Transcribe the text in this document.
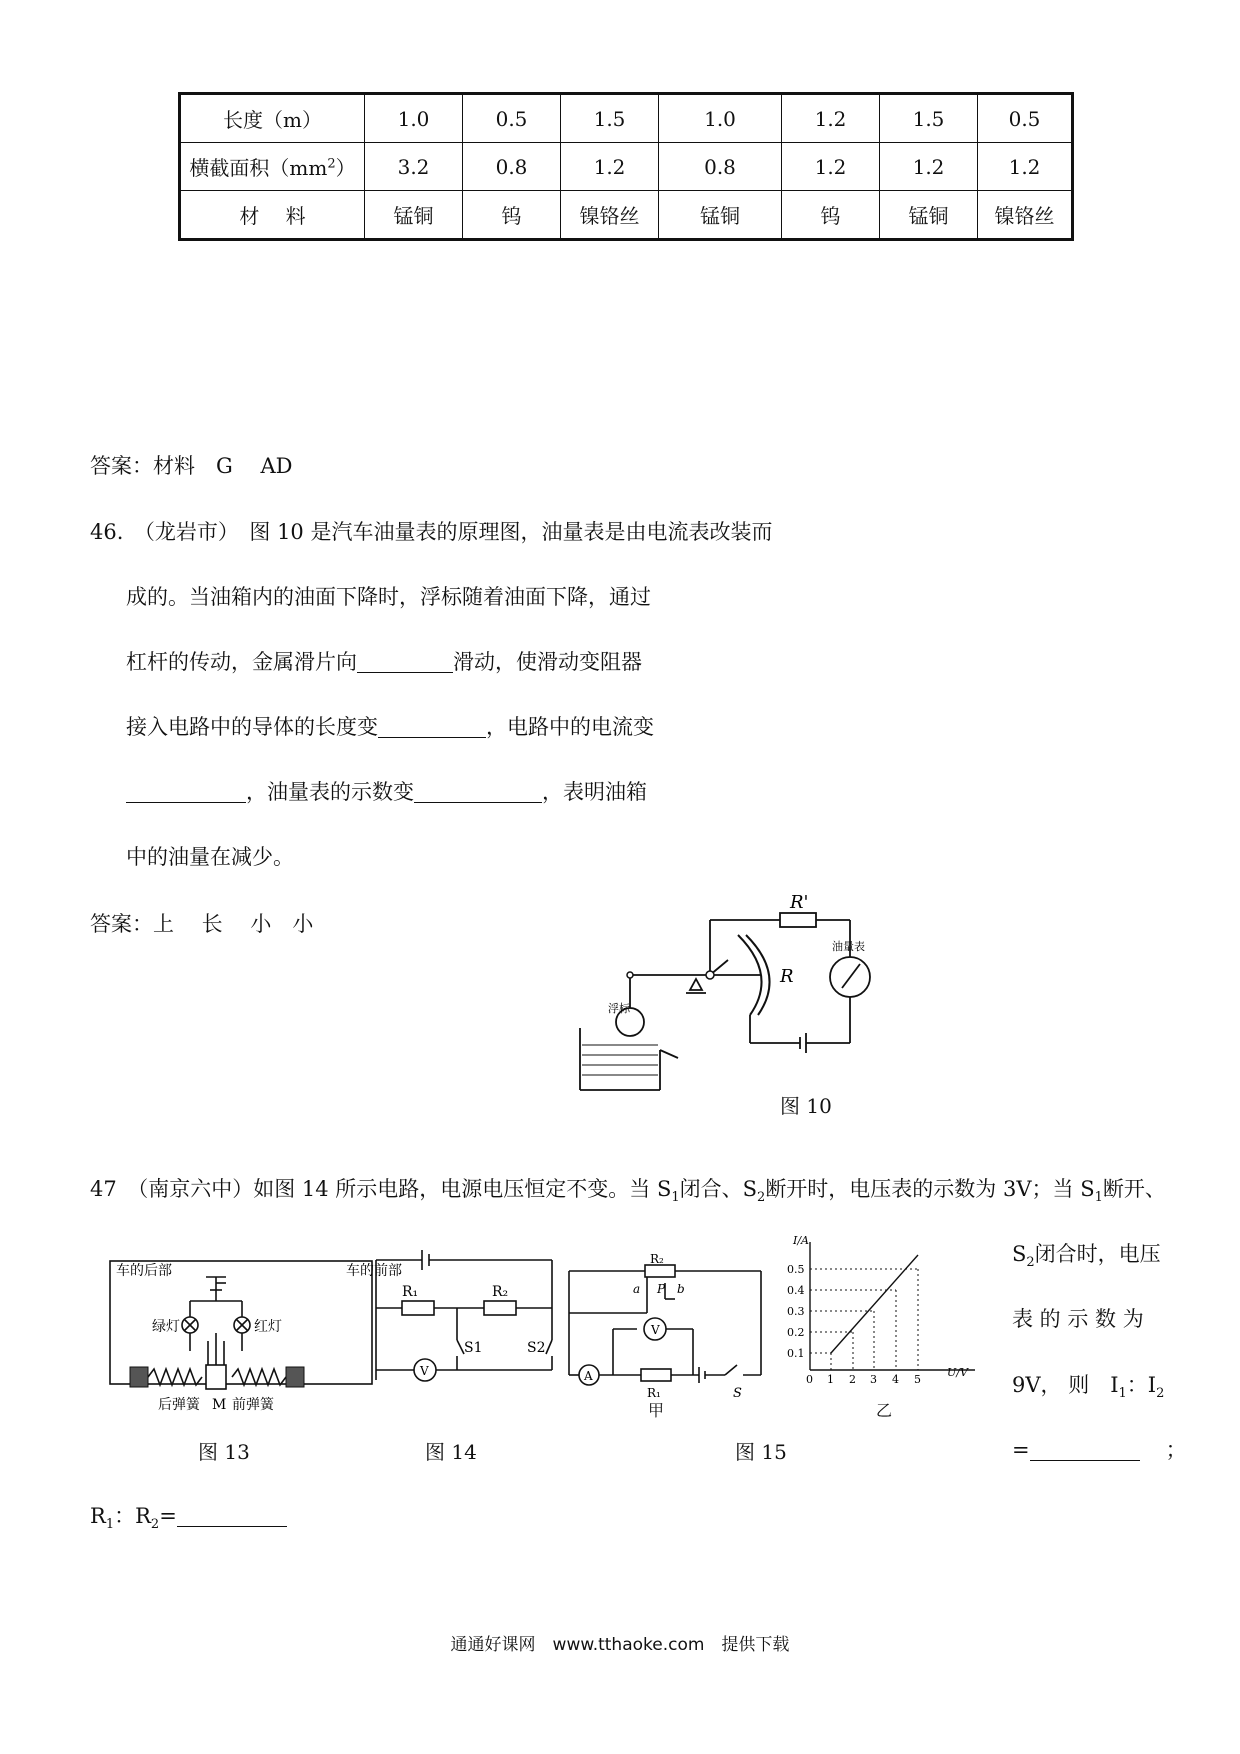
长度（m）	1.0	0.5	1.5	1.0	1.2	1.5	0.5
横截面积$(mm^2)$	3.2	0.8	1.2	0.8	1.2	1.2	1.2
材　 料	锰铜	钨	镍铬丝	锰铜	钨	锰铜	镍铬丝
答案：材料　G　 AD
46.　（龙岩市）　图 10 是汽车油量表的原理图，油量表是由电流表改装而
成的。当油箱内的油面下降时，浮标随着油面下降，通过
杠杆的传动，金属滑片向	滑动，使滑动变阻器
接入电路中的导体的长度变	，电路中的电流变
，油量表的示数变	，表明油箱
中的油量在减少。
答案：上　 长　 小　小
R'
R
浮标
油量表
图 10
47　（南京六中）如图 14 所示电路，电源电压恒定不变。当 $S_1$闭合、$S_2$断开时，电压表的示数为 3V；当 $S_1$断开、
车的后部	车的前部
绿灯	红灯
后弹簧 M 前弹簧
图 13
R₁	R₂
S1	S2
V
图 14
R₂
a P b
V
A
R₁	S
甲
I/A
U/V
0.1
0.2
0.3
0.4
0.5
0 1 2 3 4 5
乙
图 15
$S_2$闭合时，电压
表 的 示 数 为
9V， 则　$I_1$：$I_2$
=	；
$R_1$：$R_2=$
通通好课网　www.tthaoke.com　提供下载
